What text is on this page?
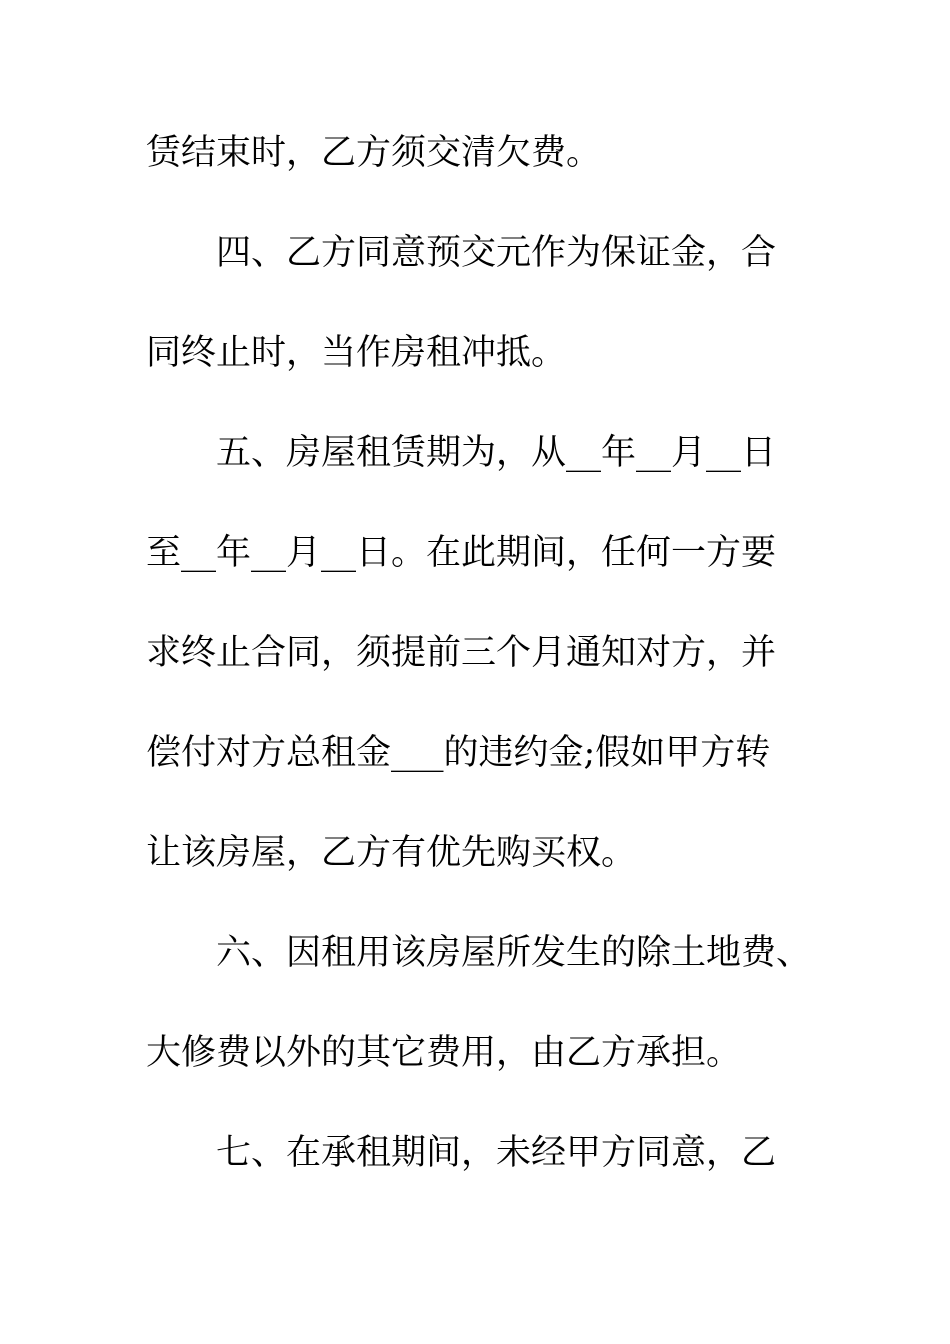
赁结束时，乙方须交清欠费。
四、乙方同意预交元作为保证金，合
同终止时，当作房租冲抵。
五、房屋租赁期为，从__年__月__日
至__年__月__日。在此期间，任何一方要
求终止合同，须提前三个月通知对方，并
偿付对方总租金___的违约金;假如甲方转
让该房屋，乙方有优先购买权。
六、因租用该房屋所发生的除土地费、
大修费以外的其它费用，由乙方承担。
七、在承租期间，未经甲方同意，乙
